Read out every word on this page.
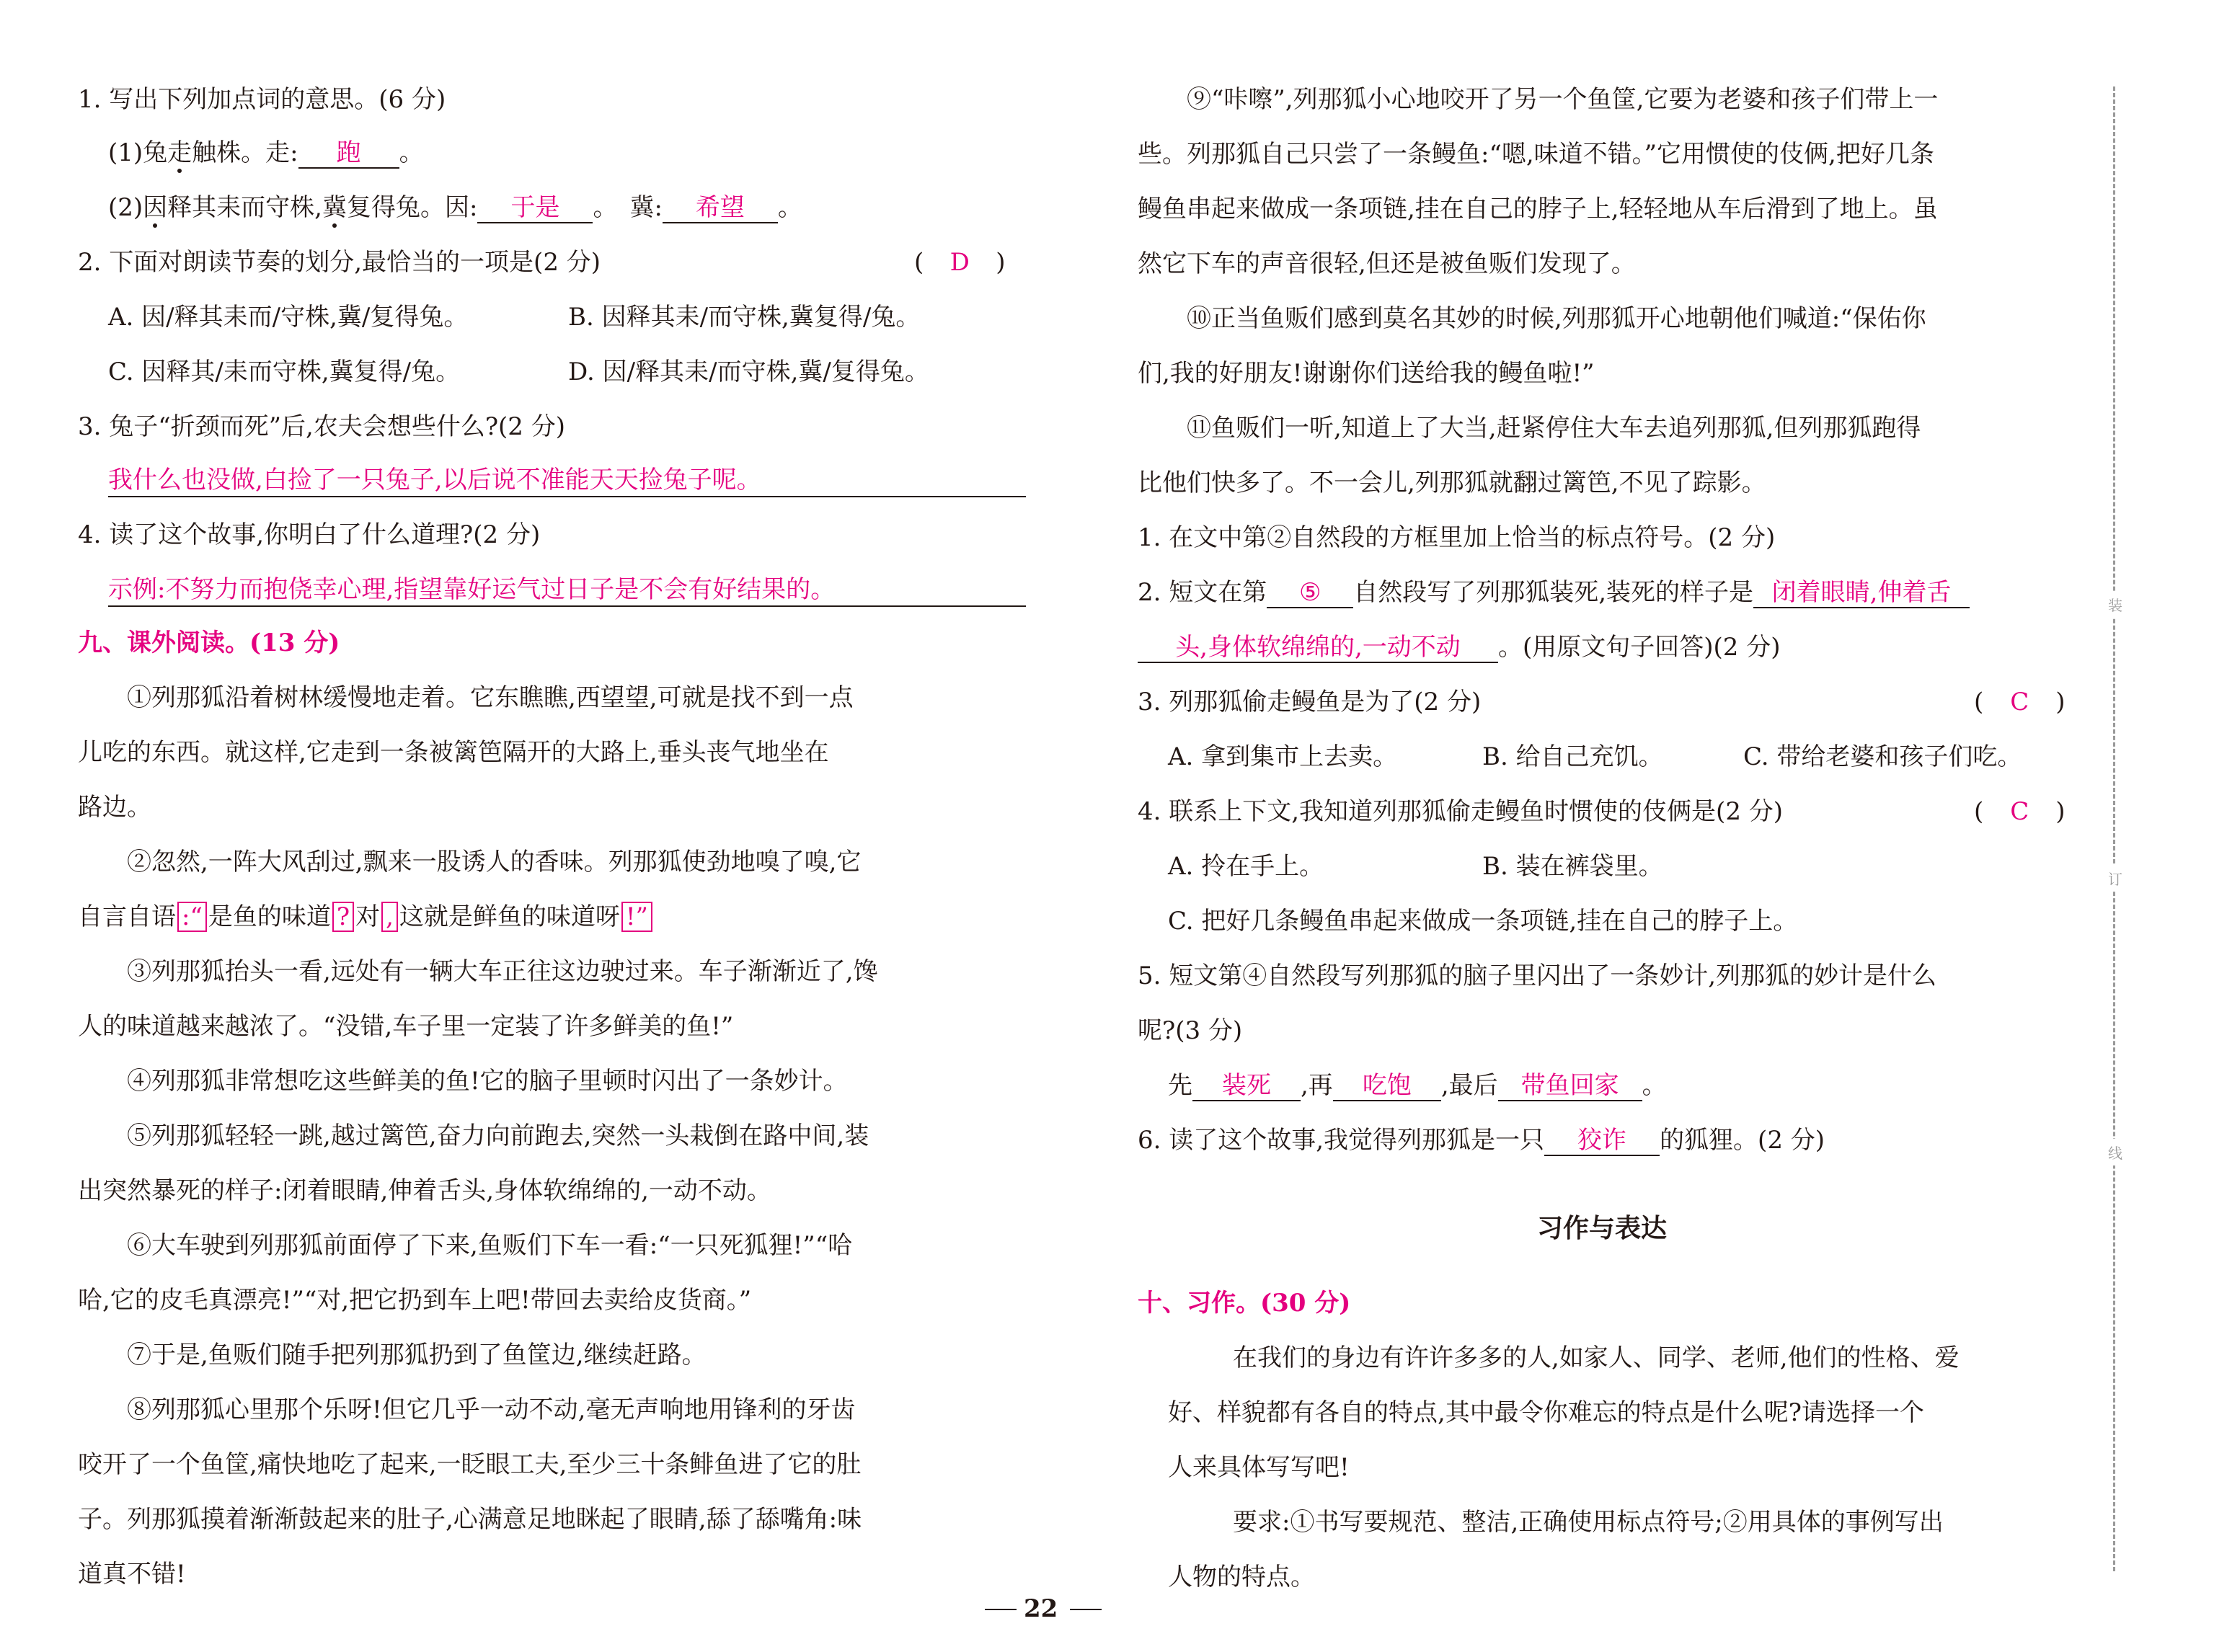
1. 写出下列加点词的意思。(6 分)
(1)兔走触株。走: 跑 。
(2)因释其耒而守株,冀复得兔。因: 于是 。　冀: 希望 。
2. 下面对朗读节奏的划分,最恰当的一项是(2 分)	( D )
A. 因/释其耒而/守株,冀/复得兔。	B. 因释其耒/而守株,冀复得/兔。
C. 因释其/耒而守株,冀复得/兔。	D. 因/释其耒/而守株,冀/复得兔。
3. 兔子“折颈而死”后,农夫会想些什么?(2 分)
我什么也没做,白捡了一只兔子,以后说不准能天天捡兔子呢。
4. 读了这个故事,你明白了什么道理?(2 分)
示例:不努力而抱侥幸心理,指望靠好运气过日子是不会有好结果的。
九、课外阅读。(13 分)
①列那狐沿着树林缓慢地走着。它东瞧瞧,西望望,可就是找不到一点
儿吃的东西。就这样,它走到一条被篱笆隔开的大路上,垂头丧气地坐在
路边。
②忽然,一阵大风刮过,飘来一股诱人的香味。列那狐使劲地嗅了嗅,它
自言自语 :“ 是鱼的味道 ? 对 , 这就是鲜鱼的味道呀 !”
③列那狐抬头一看,远处有一辆大车正往这边驶过来。车子渐渐近了,馋
人的味道越来越浓了。“没错,车子里一定装了许多鲜美的鱼!”
④列那狐非常想吃这些鲜美的鱼!它的脑子里顿时闪出了一条妙计。
⑤列那狐轻轻一跳,越过篱笆,奋力向前跑去,突然一头栽倒在路中间,装
出突然暴死的样子:闭着眼睛,伸着舌头,身体软绵绵的,一动不动。
⑥大车驶到列那狐前面停了下来,鱼贩们下车一看:“一只死狐狸!”“哈
哈,它的皮毛真漂亮!”“对,把它扔到车上吧!带回去卖给皮货商。”
⑦于是,鱼贩们随手把列那狐扔到了鱼筐边,继续赶路。
⑧列那狐心里那个乐呀!但它几乎一动不动,毫无声响地用锋利的牙齿
咬开了一个鱼筐,痛快地吃了起来,一眨眼工夫,至少三十条鲱鱼进了它的肚
子。列那狐摸着渐渐鼓起来的肚子,心满意足地眯起了眼睛,舔了舔嘴角:味
道真不错!
⑨“咔嚓”,列那狐小心地咬开了另一个鱼筐,它要为老婆和孩子们带上一
些。列那狐自己只尝了一条鳗鱼:“嗯,味道不错。”它用惯使的伎俩,把好几条
鳗鱼串起来做成一条项链,挂在自己的脖子上,轻轻地从车后滑到了地上。虽
然它下车的声音很轻,但还是被鱼贩们发现了。
⑩正当鱼贩们感到莫名其妙的时候,列那狐开心地朝他们喊道:“保佑你
们,我的好朋友!谢谢你们送给我的鳗鱼啦!”
⑪鱼贩们一听,知道上了大当,赶紧停住大车去追列那狐,但列那狐跑得
比他们快多了。不一会儿,列那狐就翻过篱笆,不见了踪影。
1. 在文中第②自然段的方框里加上恰当的标点符号。(2 分)
2. 短文在第 ⑤ 自然段写了列那狐装死,装死的样子是 闭着眼睛,伸着舌
头,身体软绵绵的,一动不动 。(用原文句子回答)(2 分)
3. 列那狐偷走鳗鱼是为了(2 分)	( C )
A. 拿到集市上去卖。	B. 给自己充饥。	C. 带给老婆和孩子们吃。
4. 联系上下文,我知道列那狐偷走鳗鱼时惯使的伎俩是(2 分)	( C )
A. 拎在手上。	B. 装在裤袋里。
C. 把好几条鳗鱼串起来做成一条项链,挂在自己的脖子上。
5. 短文第④自然段写列那狐的脑子里闪出了一条妙计,列那狐的妙计是什么
呢?(3 分)
先 装死 ,再 吃饱 ,最后 带鱼回家 。
6. 读了这个故事,我觉得列那狐是一只 狡诈 的狐狸。(2 分)
习作与表达
十、习作。(30 分)
在我们的身边有许许多多的人,如家人、同学、老师,他们的性格、爱
好、样貌都有各自的特点,其中最令你难忘的特点是什么呢?请选择一个
人来具体写写吧!
要求:①书写要规范、整洁,正确使用标点符号;②用具体的事例写出
人物的特点。
装
订
线
22
